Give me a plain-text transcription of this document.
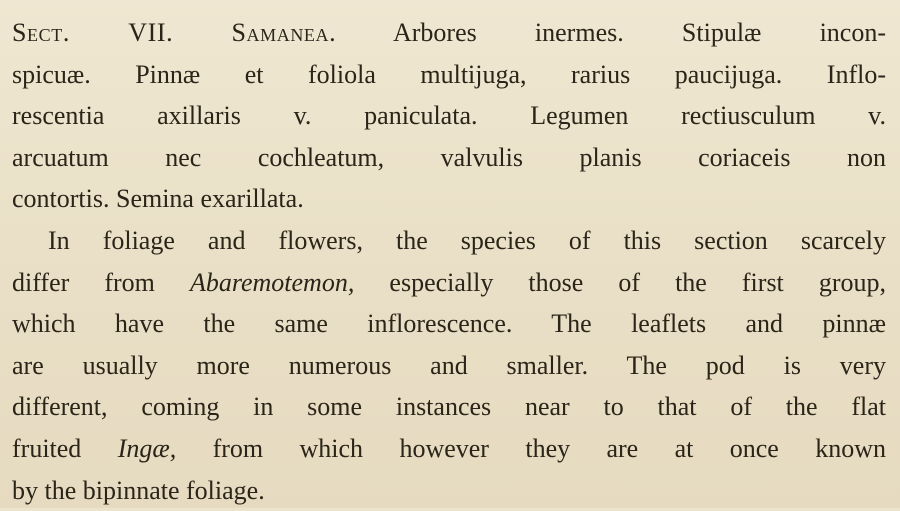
Sect. VII. Samanea. Arbores inermes. Stipulæ incon-
spicuæ. Pinnæ et foliola multijuga, rarius paucijuga. Inflo-
rescentia axillaris v. paniculata. Legumen rectiusculum v.
arcuatum nec cochleatum, valvulis planis coriaceis non
contortis. Semina exarillata.
In foliage and flowers, the species of this section scarcely
differ from Abaremotemon, especially those of the first group,
which have the same inflorescence. The leaflets and pinnæ
are usually more numerous and smaller. The pod is very
different, coming in some instances near to that of the flat
fruited Ingæ, from which however they are at once known
by the bipinnate foliage.
